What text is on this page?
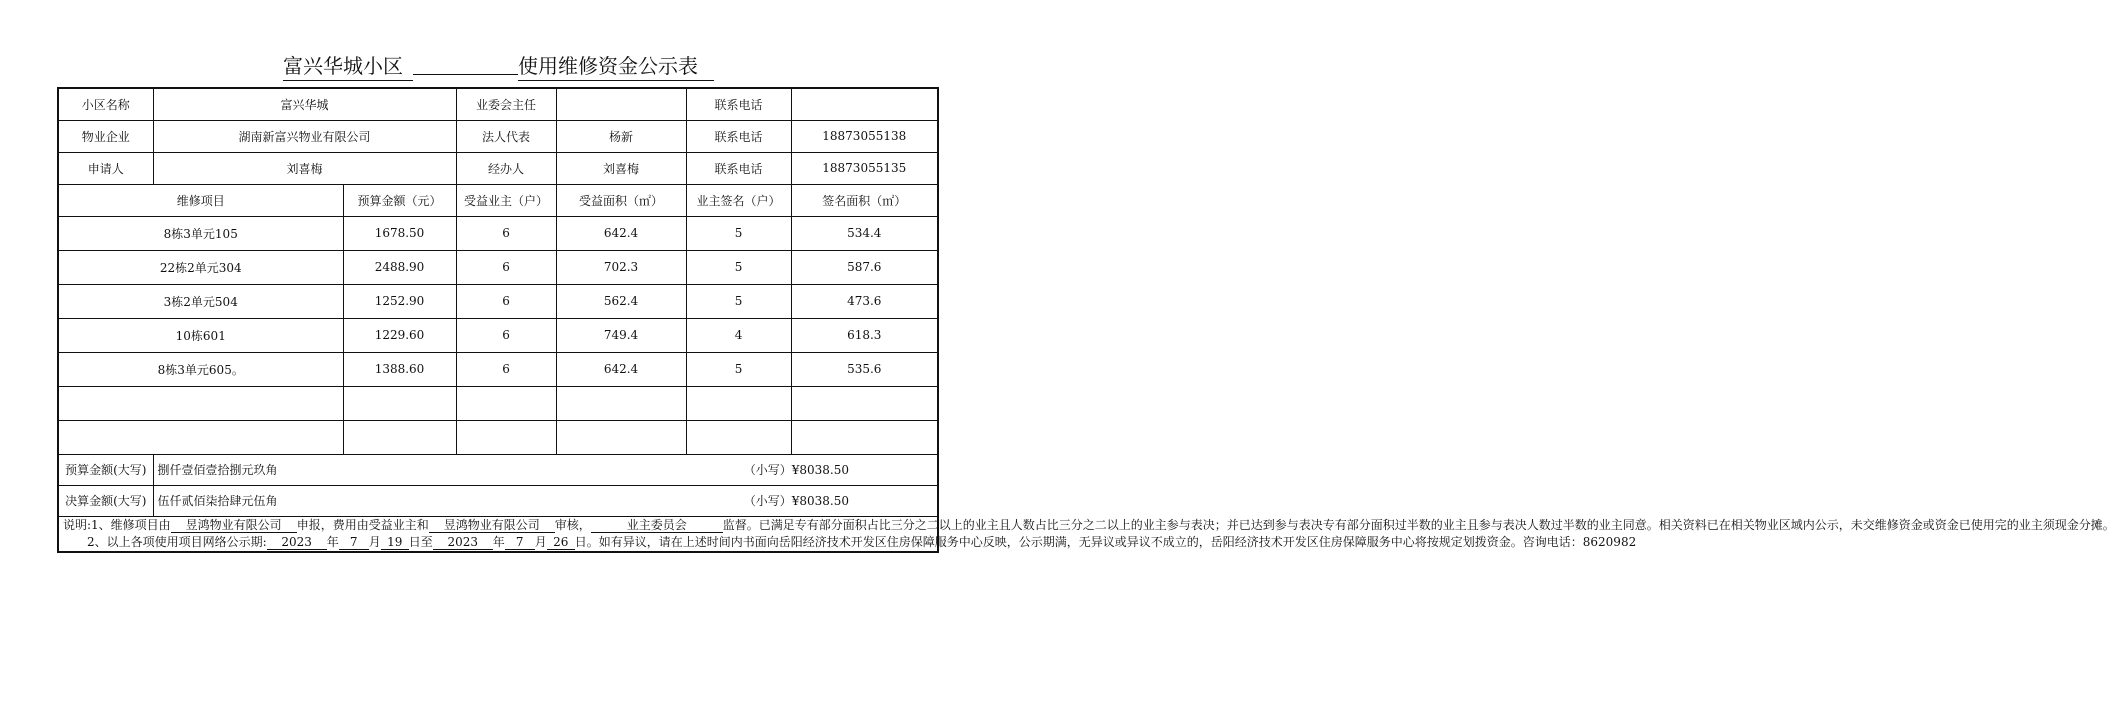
富兴华城小区	使用维修资金公示表
小区名称	富兴华城		业委会主任		联系电话	
物业企业	湖南新富兴物业有限公司		法人代表	杨新	联系电话	18873055138
申请人	刘喜梅		经办人	刘喜梅	联系电话	18873055135
维修项目		预算金额（元）	受益业主（户）	受益面积（㎡）	业主签名（户）	签名面积（㎡）
8栋3单元105		1678.50	6	642.4	5	534.4
22栋2单元304		2488.90	6	702.3	5	587.6
3栋2单元504		1252.90	6	562.4	5	473.6
10栋601		1229.60	6	749.4	4	618.3
8栋3单元605。		1388.60	6	642.4	5	535.6

预算金额(大写)	捌仟壹佰壹拾捌元玖角 （小写）¥8038.50					

决算金额(大写)	伍仟贰佰柒拾肆元伍角 （小写）¥8038.50					

说明:1、维修项目由 昱鸿物业有限公司 申报，费用由受益业主和 昱鸿物业有限公司 审核， 业主委员会 监督。已满足专有部分面积占比三分之二以上的业主且人数占比三分之二以上的业主参与表决；并已达到参与表决专有部分面积过半数的业主且参与表决人数过半数的业主同意。相关资料已在相关物业区域内公示，未交维修资金或资金已使用完的业主须现金分摊。
2、以上各项使用项目网络公示期: 2023 年 7 月 19 日至 2023 年 7 月 26 日。如有异议，请在上述时间内书面向岳阳经济技术开发区住房保障服务中心反映，公示期满，无异议或异议不成立的，岳阳经济技术开发区住房保障服务中心将按规定划拨资金。咨询电话：8620982						
